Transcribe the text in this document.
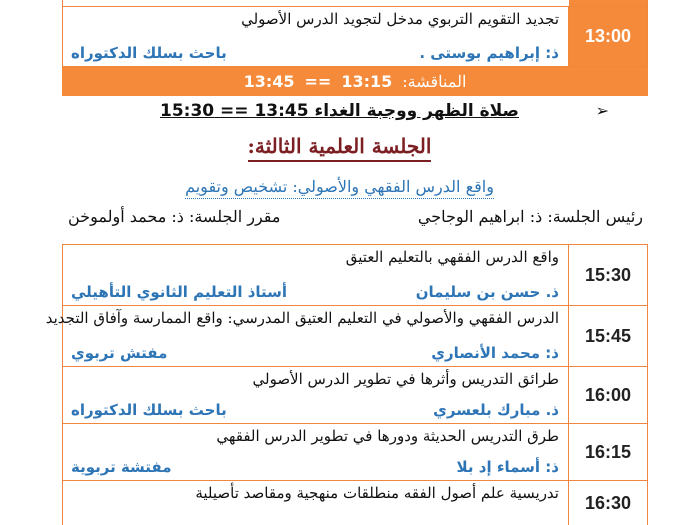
تجديد التقويم التربوي مدخل لتجويد الدرس الأصولي
ذ: إبراهيم بوستى .
باحث بسلك الدكتوراه
13:00
المناقشة:
13:15
==
13:45
➢
صلاة الظهر ووجبة الغداء 13:45 == 15:30
الجلسة العلمية الثالثة:
واقع الدرس الفقهي والأصولي: تشخيص وتقويم
رئيس الجلسة: ذ: ابراهيم الوجاجي
مقرر الجلسة: ذ: محمد أولموخن
واقع الدرس الفقهي بالتعليم العتيق
ذ. حسن بن سليمان
أستاذ التعليم الثانوي التأهيلي
15:30
الدرس الفقهي والأصولي في التعليم العتيق المدرسي: واقع الممارسة وآفاق التجديد
ذ: محمد الأنصاري
مفتش تربوي
15:45
طرائق التدريس وأثرها في تطوير الدرس الأصولي
ذ. مبارك بلعسري
باحث بسلك الدكتوراه
16:00
طرق التدريس الحديثة ودورها في تطوير الدرس الفقهي
ذ: أسماء إد بلا
مفتشة تربوية
16:15
تدريسية علم أصول الفقه منطلقات منهجية ومقاصد تأصيلية	16:30
